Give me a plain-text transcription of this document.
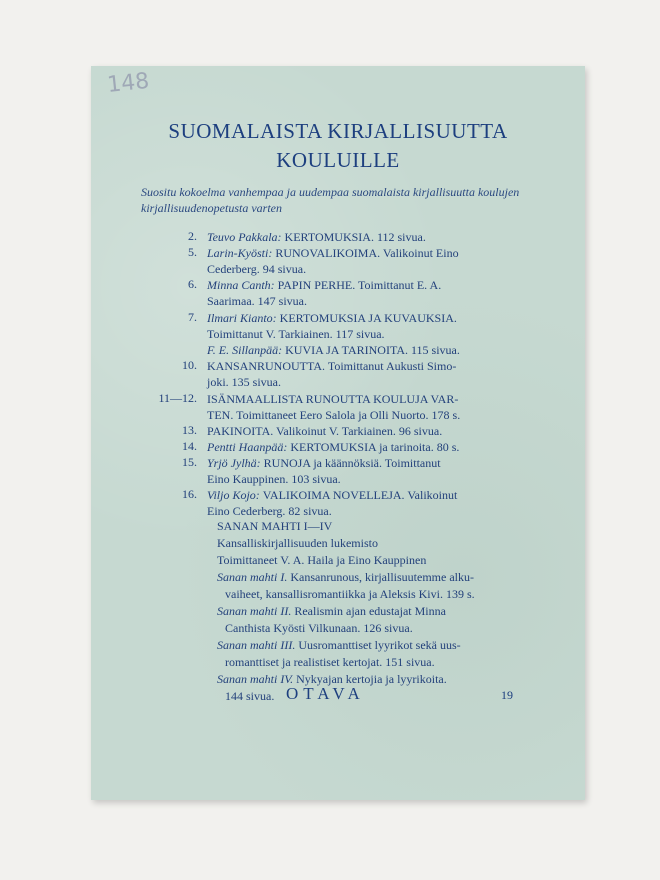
SUOMALAISTA KIRJALLISUUTTA
KOULUILLE
Suositu kokoelma vanhempaa ja uudempaa suomalaista kirjallisuutta koulujen kirjallisuudenopetusta varten
2. Teuvo Pakkala: KERTOMUKSIA. 112 sivua.
5. Larin-Kyösti: RUNOVALIKOIMA. Valikoinut Eino
Cederberg. 94 sivua.
6. Minna Canth: PAPIN PERHE. Toimittanut E. A.
Saarimaa. 147 sivua.
7. Ilmari Kianto: KERTOMUKSIA JA KUVAUKSIA.
Toimittanut V. Tarkiainen. 117 sivua.
F. E. Sillanpää: KUVIA JA TARINOITA. 115 sivua.
10. KANSANRUNOUTTA. Toimittanut Aukusti Simo-
joki. 135 sivua.
11—12. ISÄNMAALLISTA RUNOUTTA KOULUJA VAR-
TEN. Toimittaneet Eero Salola ja Olli Nuorto. 178 s.
13. PAKINOITA. Valikoinut V. Tarkiainen. 96 sivua.
14. Pentti Haanpää: KERTOMUKSIA ja tarinoita. 80 s.
15. Yrjö Jylhä: RUNOJA ja käännöksiä. Toimittanut
Eino Kauppinen. 103 sivua.
16. Viljo Kojo: VALIKOIMA NOVELLEJA. Valikoinut
Eino Cederberg. 82 sivua.
SANAN MAHTI I—IV
Kansalliskirjallisuuden lukemisto
Toimittaneet V. A. Haila ja Eino Kauppinen
Sanan mahti I. Kansanrunous, kirjallisuutemme alku-
vaiheet, kansallisromantiikka ja Aleksis Kivi. 139 s.
Sanan mahti II. Realismin ajan edustajat Minna
Canthista Kyösti Vilkunaan. 126 sivua.
Sanan mahti III. Uusromanttiset lyyrikot sekä uus-
romanttiset ja realistiset kertojat. 151 sivua.
Sanan mahti IV. Nykyajan kertojia ja lyyrikoita.
144 sivua. OTAVA	19
148
